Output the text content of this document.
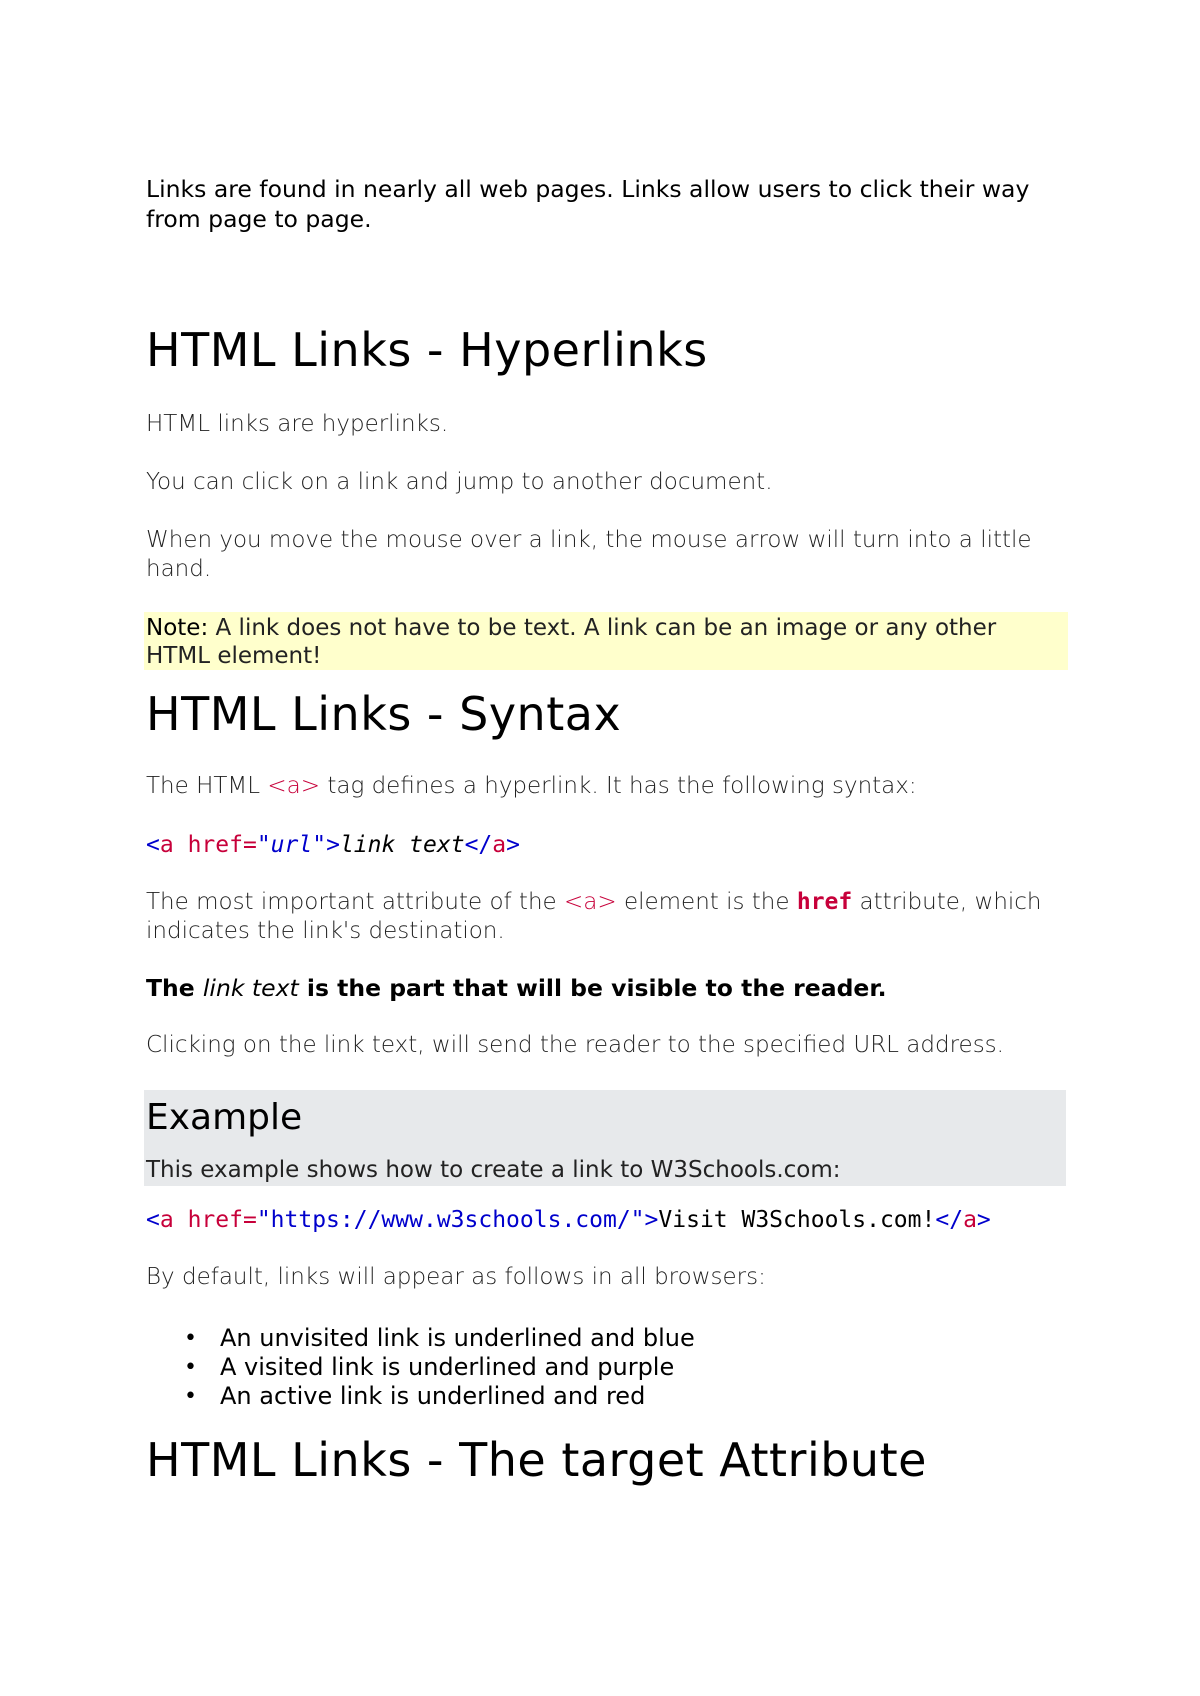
Links are found in nearly all web pages. Links allow users to click their way from page to page.

HTML Links - Hyperlinks

HTML links are hyperlinks.

You can click on a link and jump to another document.

When you move the mouse over a link, the mouse arrow will turn into a little hand.

Note: A link does not have to be text. A link can be an image or any other HTML element!

HTML Links - Syntax

The HTML <a> tag defines a hyperlink. It has the following syntax:

<a href="url">link text</a>

The most important attribute of the <a> element is the href attribute, which indicates the link's destination.

The link text is the part that will be visible to the reader.

Clicking on the link text, will send the reader to the specified URL address.

Example

This example shows how to create a link to W3Schools.com:

<a href="https://www.w3schools.com/">Visit W3Schools.com!</a>

By default, links will appear as follows in all browsers:

• An unvisited link is underlined and blue
• A visited link is underlined and purple
• An active link is underlined and red
HTML Links - The target Attribute
